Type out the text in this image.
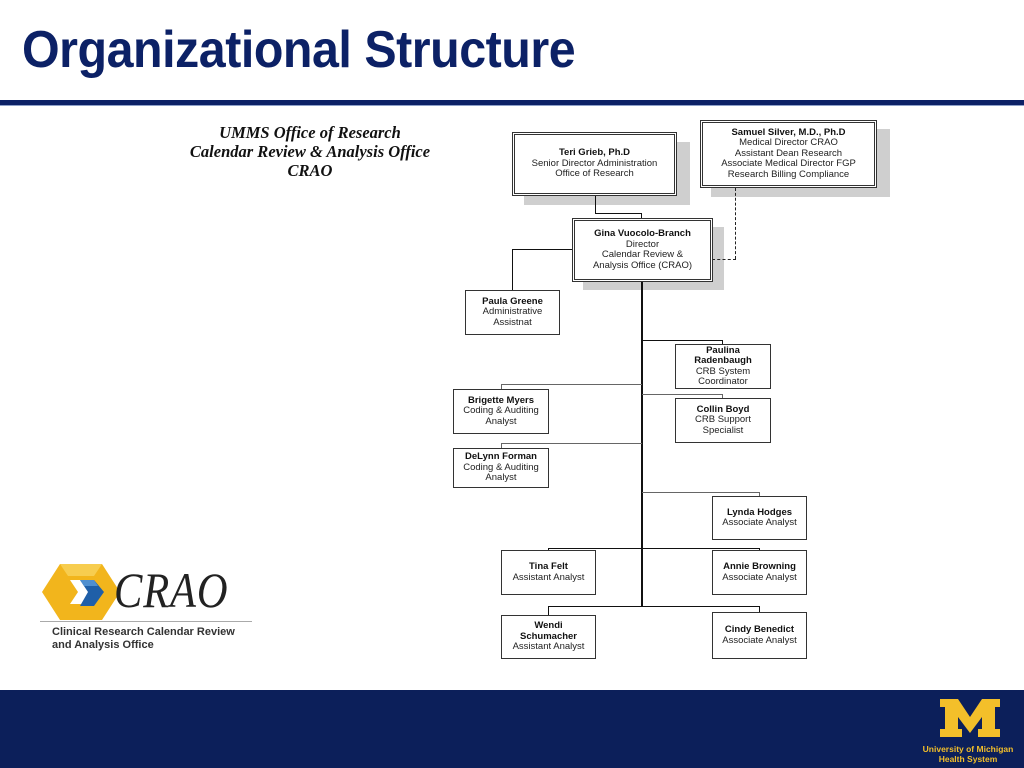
Organizational Structure
UMMS Office of Research
Calendar Review & Analysis Office
CRAO
Teri Grieb, Ph.D
Senior Director Administration
Office of Research
Samuel Silver, M.D., Ph.D
Medical Director CRAO
Assistant Dean Research
Associate Medical Director FGP
Research Billing Compliance
Gina Vuocolo-Branch
Director
Calendar Review &
Analysis Office (CRAO)
Paula Greene
Administrative
Assistnat
Paulina
Radenbaugh
CRB System
Coordinator
Brigette Myers
Coding & Auditing
Analyst
Collin Boyd
CRB Support
Specialist
DeLynn Forman
Coding & Auditing
Analyst
Lynda Hodges
Associate Analyst
Tina Felt
Assistant Analyst
Annie Browning
Associate Analyst
Wendi
Schumacher
Assistant Analyst
Cindy Benedict
Associate Analyst
CRAO
Clinical Research Calendar Review
and Analysis Office
University of Michigan
Health System
